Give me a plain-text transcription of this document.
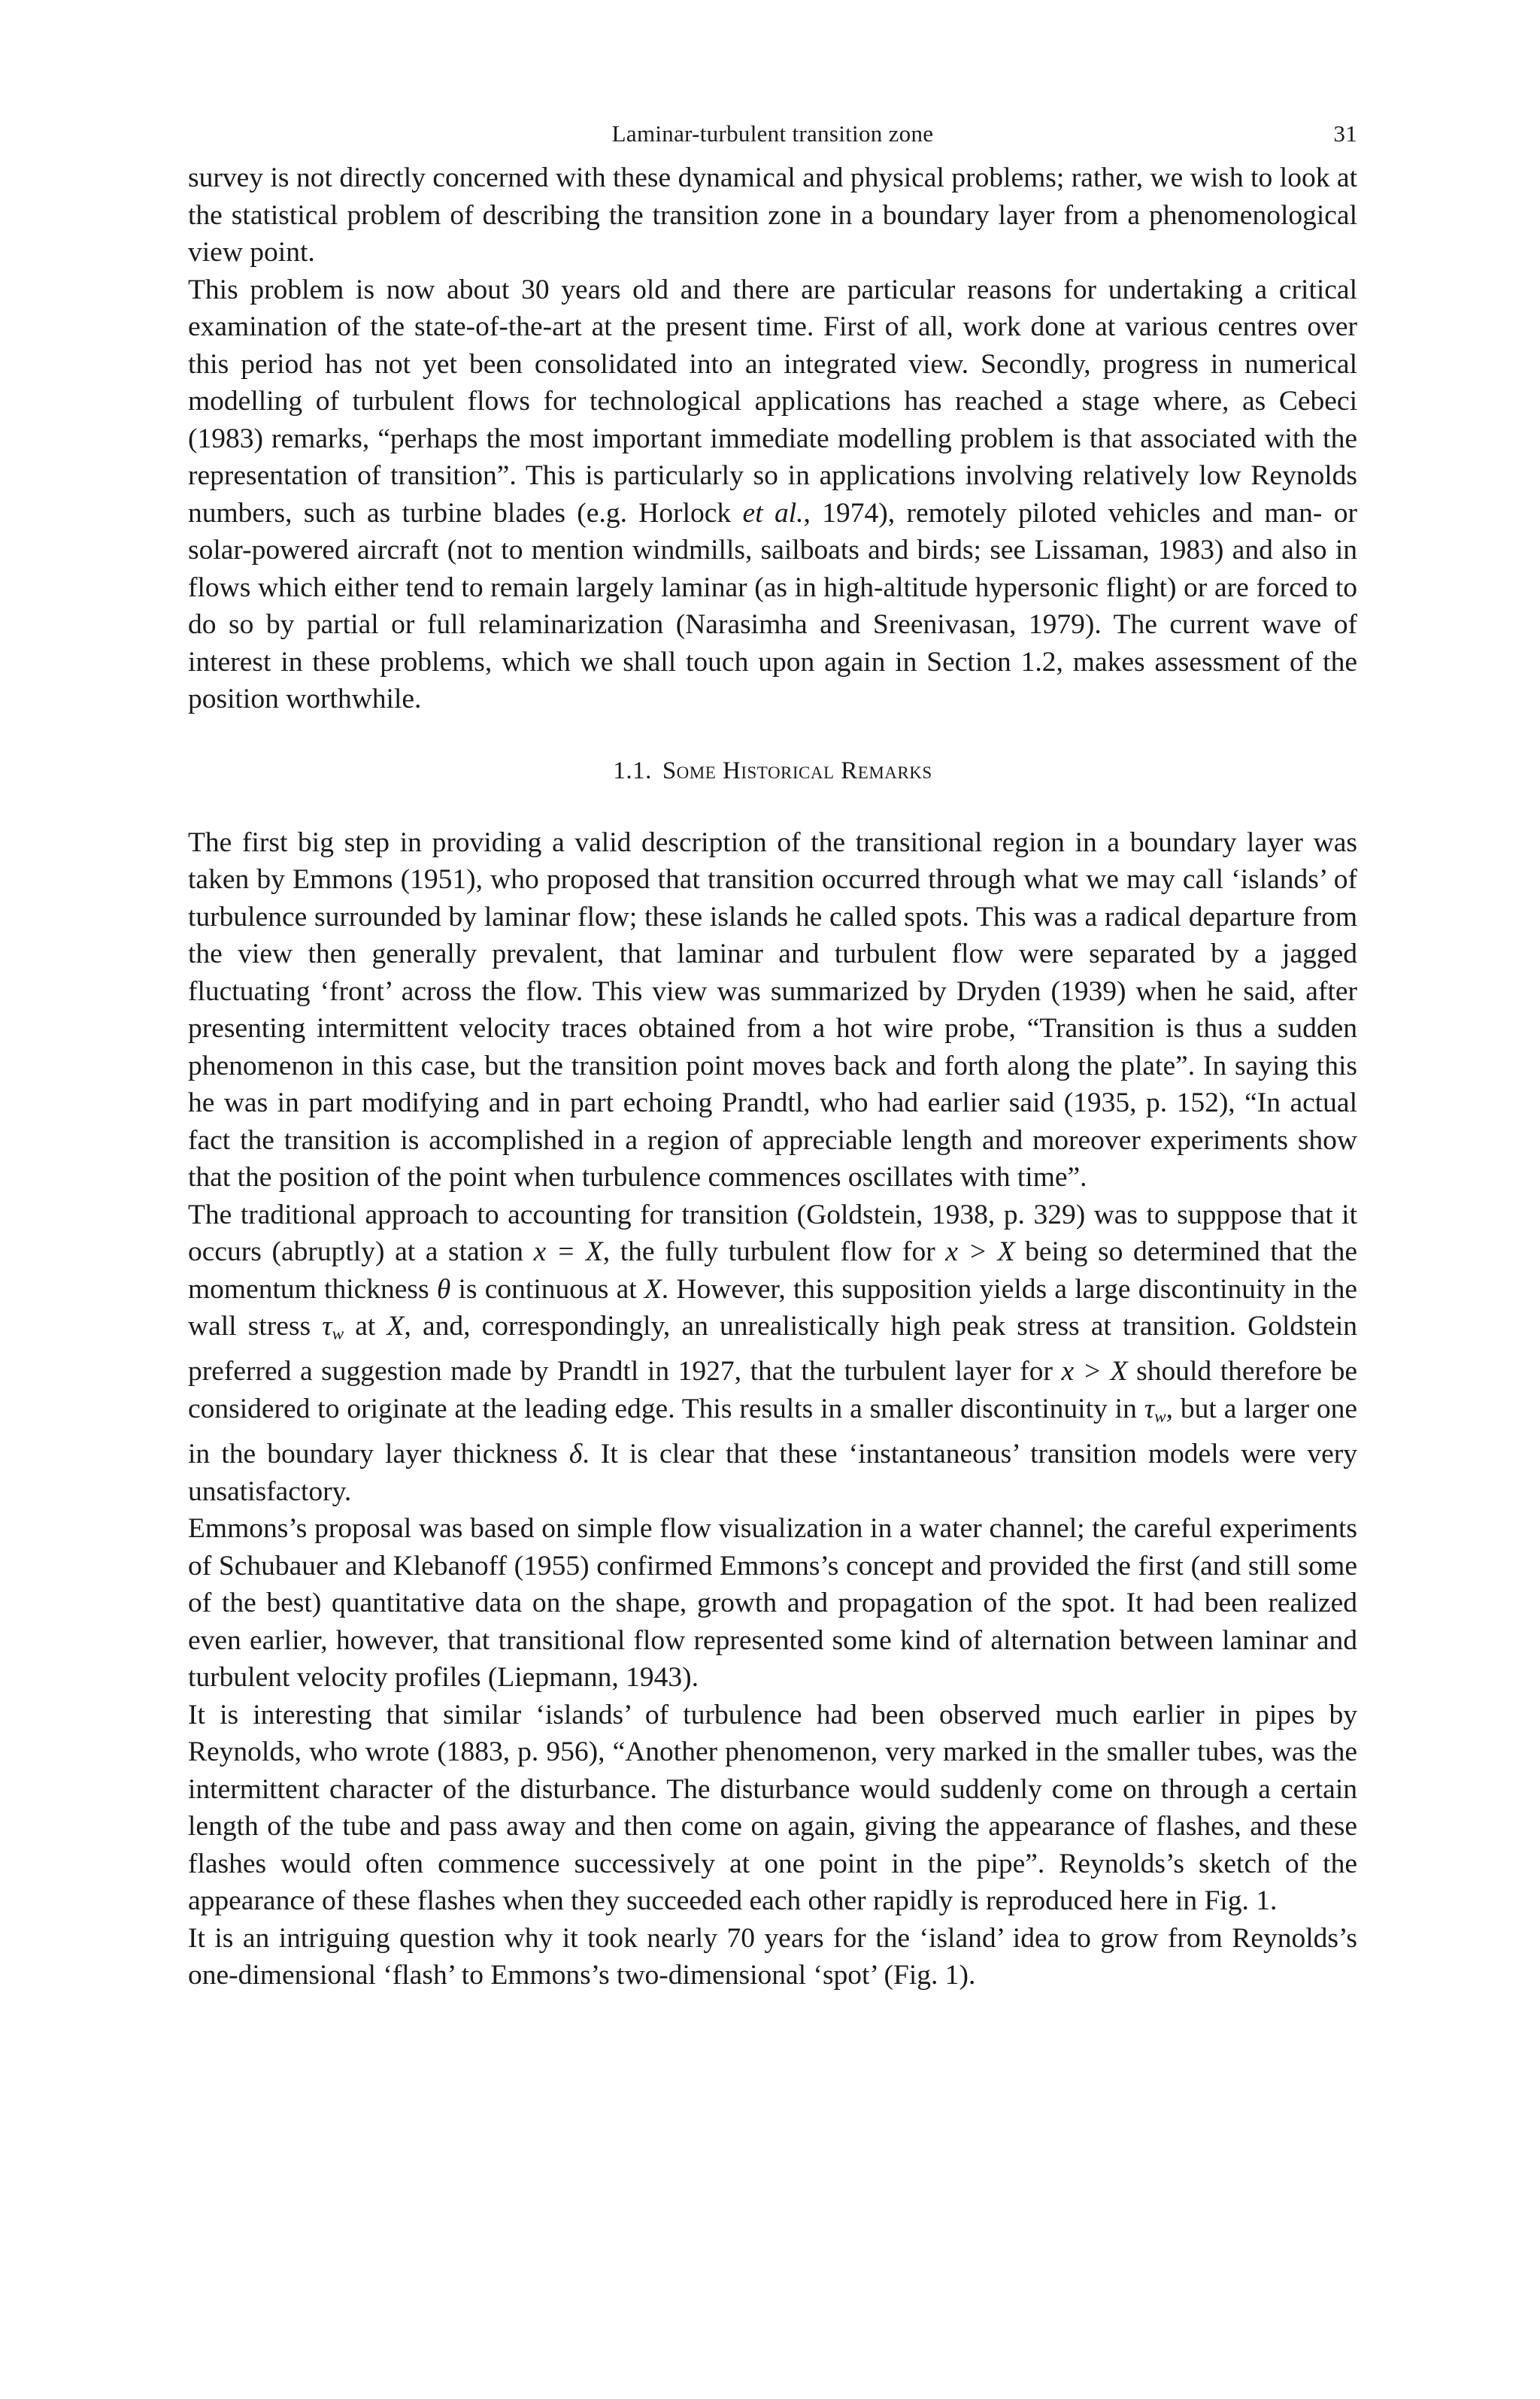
Laminar-turbulent transition zone	31

survey is not directly concerned with these dynamical and physical problems; rather, we wish to look at the statistical problem of describing the transition zone in a boundary layer from a phenomenological view point.

This problem is now about 30 years old and there are particular reasons for undertaking a critical examination of the state-of-the-art at the present time. First of all, work done at various centres over this period has not yet been consolidated into an integrated view. Secondly, progress in numerical modelling of turbulent flows for technological applications has reached a stage where, as Cebeci (1983) remarks, “perhaps the most important immediate modelling problem is that associated with the representation of transition”. This is particularly so in applications involving relatively low Reynolds numbers, such as turbine blades (e.g. Horlock et al., 1974), remotely piloted vehicles and man- or solar-powered aircraft (not to mention windmills, sailboats and birds; see Lissaman, 1983) and also in flows which either tend to remain largely laminar (as in high-altitude hypersonic flight) or are forced to do so by partial or full relaminarization (Narasimha and Sreenivasan, 1979). The current wave of interest in these problems, which we shall touch upon again in Section 1.2, makes assessment of the position worthwhile.

1.1. Some Historical Remarks

The first big step in providing a valid description of the transitional region in a boundary layer was taken by Emmons (1951), who proposed that transition occurred through what we may call ‘islands’ of turbulence surrounded by laminar flow; these islands he called spots. This was a radical departure from the view then generally prevalent, that laminar and turbulent flow were separated by a jagged fluctuating ‘front’ across the flow. This view was summarized by Dryden (1939) when he said, after presenting intermittent velocity traces obtained from a hot wire probe, “Transition is thus a sudden phenomenon in this case, but the transition point moves back and forth along the plate”. In saying this he was in part modifying and in part echoing Prandtl, who had earlier said (1935, p. 152), “In actual fact the transition is accomplished in a region of appreciable length and moreover experiments show that the position of the point when turbulence commences oscillates with time”.

The traditional approach to accounting for transition (Goldstein, 1938, p. 329) was to supppose that it occurs (abruptly) at a station x = X, the fully turbulent flow for x > X being so determined that the momentum thickness θ is continuous at X. However, this supposition yields a large discontinuity in the wall stress $\tau_w$ at X, and, correspondingly, an unrealistically high peak stress at transition. Goldstein preferred a suggestion made by Prandtl in 1927, that the turbulent layer for x > X should therefore be considered to originate at the leading edge. This results in a smaller discontinuity in $\tau_w$, but a larger one in the boundary layer thickness δ. It is clear that these ‘instantaneous’ transition models were very unsatisfactory.

Emmons’s proposal was based on simple flow visualization in a water channel; the careful experiments of Schubauer and Klebanoff (1955) confirmed Emmons’s concept and provided the first (and still some of the best) quantitative data on the shape, growth and propagation of the spot. It had been realized even earlier, however, that transitional flow represented some kind of alternation between laminar and turbulent velocity profiles (Liepmann, 1943).

It is interesting that similar ‘islands’ of turbulence had been observed much earlier in pipes by Reynolds, who wrote (1883, p. 956), “Another phenomenon, very marked in the smaller tubes, was the intermittent character of the disturbance. The disturbance would suddenly come on through a certain length of the tube and pass away and then come on again, giving the appearance of flashes, and these flashes would often commence successively at one point in the pipe”. Reynolds’s sketch of the appearance of these flashes when they succeeded each other rapidly is reproduced here in Fig. 1.

It is an intriguing question why it took nearly 70 years for the ‘island’ idea to grow from Reynolds’s one-dimensional ‘flash’ to Emmons’s two-dimensional ‘spot’ (Fig. 1).
